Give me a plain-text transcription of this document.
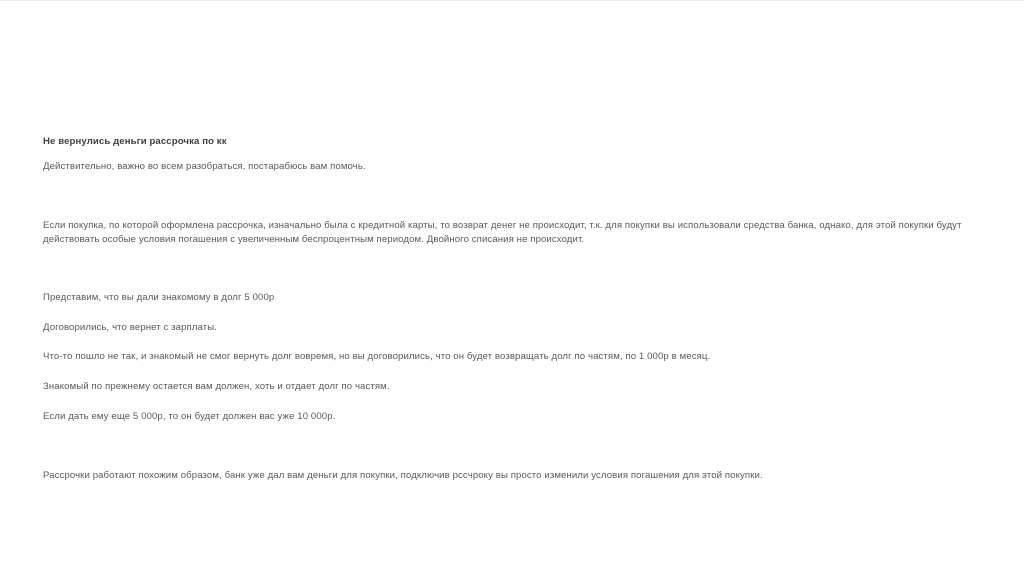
Не вернулись деньги рассрочка по кк

Действительно, важно во всем разобраться, постарабюсь вам помочь.

Если покупка, по которой оформлена рассрочка, изначально была с кредитной карты, то возврат денег не происходит, т.к. для покупки вы использовали средства банка, однако, для этой покупки будут действовать особые условия погашения с увеличенным беспроцентным периодом. Двойного списания не происходит.

Представим, что вы дали знакомому в долг 5 000р

Договорились, что вернет с зарплаты.

Что-то пошло не так, и знакомый не смог вернуть долг вовремя, но вы договорились, что он будет возвращать долг по частям, по 1 000р в месяц.

Знакомый по прежнему остается вам должен, хоть и отдает долг по частям.

Если дать ему еще 5 000р, то он будет должен вас уже 10 000р.

Рассрочки работают похожим образом, банк уже дал вам деньги для покупки, подключив рссчроку вы просто изменили условия погашения для этой покупки.
